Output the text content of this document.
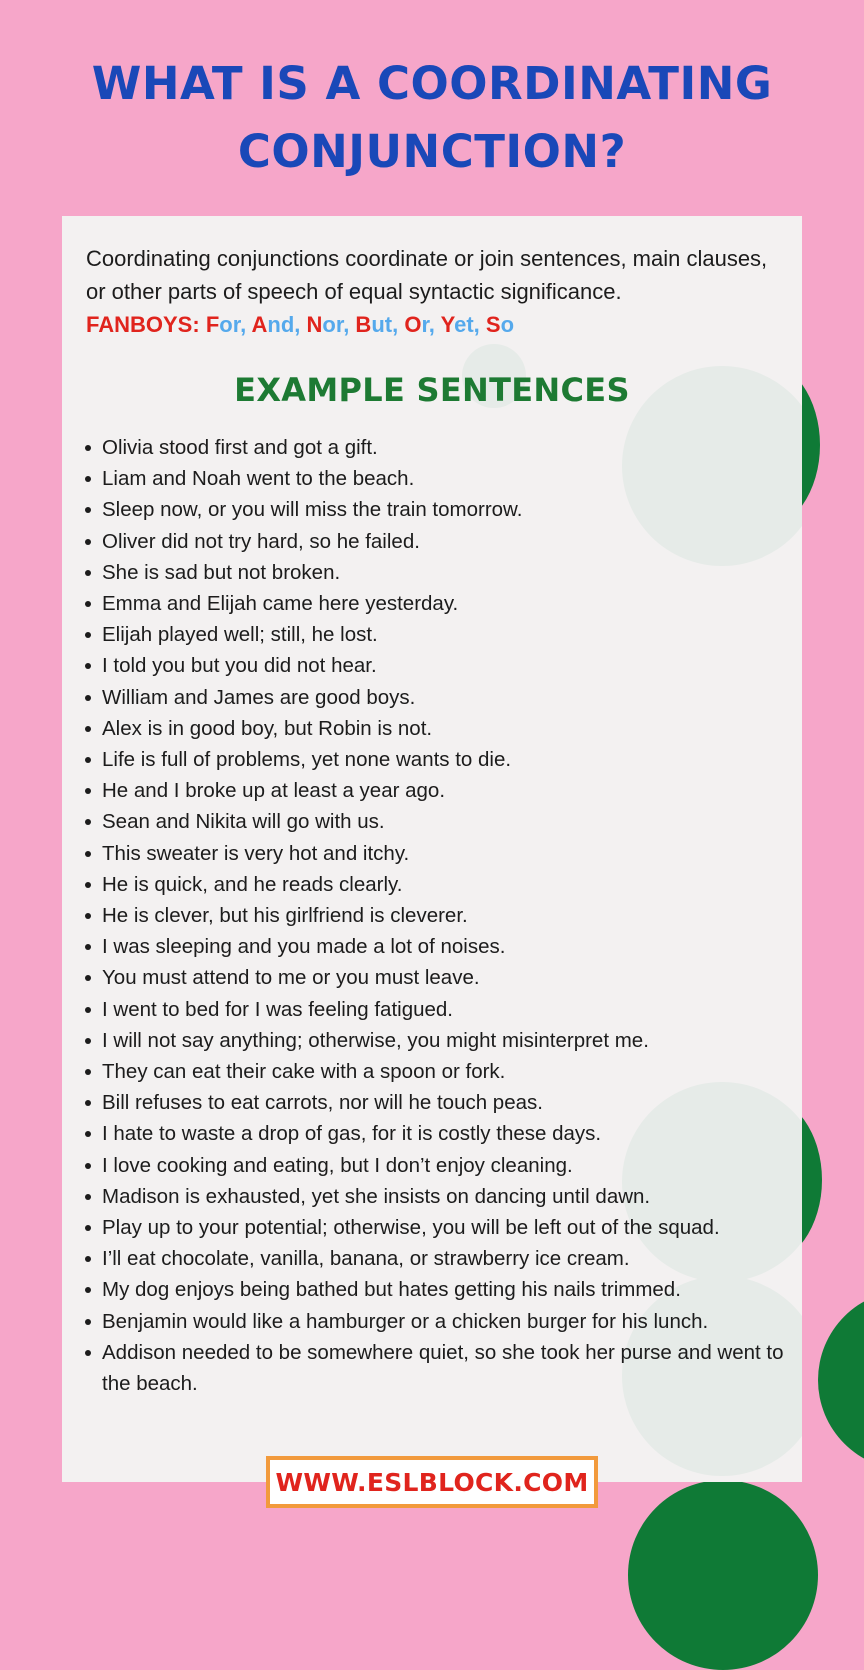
WHAT IS A COORDINATING
CONJUNCTION?
Coordinating conjunctions coordinate or join sentences, main clauses, or other parts of speech of equal syntactic significance.
FANBOYS: For, And, Nor, But, Or, Yet, So
EXAMPLE SENTENCES
Olivia stood first and got a gift.
Liam and Noah went to the beach.
Sleep now, or you will miss the train tomorrow.
Oliver did not try hard, so he failed.
She is sad but not broken.
Emma and Elijah came here yesterday.
Elijah played well; still, he lost.
I told you but you did not hear.
William and James are good boys.
Alex is in good boy, but Robin is not.
Life is full of problems, yet none wants to die.
He and I broke up at least a year ago.
Sean and Nikita will go with us.
This sweater is very hot and itchy.
He is quick, and he reads clearly.
He is clever, but his girlfriend is cleverer.
I was sleeping and you made a lot of noises.
You must attend to me or you must leave.
I went to bed for I was feeling fatigued.
I will not say anything; otherwise, you might misinterpret me.
They can eat their cake with a spoon or fork.
Bill refuses to eat carrots, nor will he touch peas.
I hate to waste a drop of gas, for it is costly these days.
I love cooking and eating, but I don’t enjoy cleaning.
Madison is exhausted, yet she insists on dancing until dawn.
Play up to your potential; otherwise, you will be left out of the squad.
I’ll eat chocolate, vanilla, banana, or strawberry ice cream.
My dog enjoys being bathed but hates getting his nails trimmed.
Benjamin would like a hamburger or a chicken burger for his lunch.
Addison needed to be somewhere quiet, so she took her purse and went to the beach.
WWW.ESLBLOCK.COM
